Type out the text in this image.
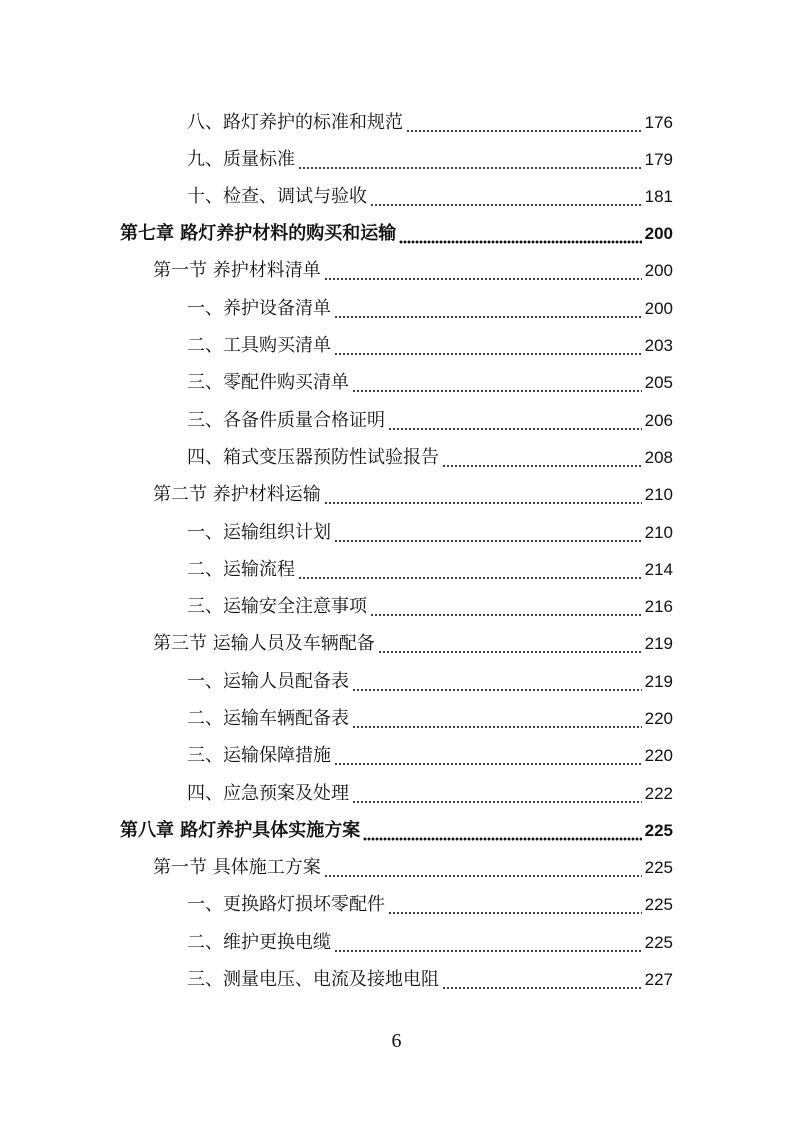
八、路灯养护的标准和规范	176
九、质量标准	179
十、检查、调试与验收	181
第七章 路灯养护材料的购买和运输	200
第一节 养护材料清单	200
一、养护设备清单	200
二、工具购买清单	203
三、零配件购买清单	205
三、各备件质量合格证明	206
四、箱式变压器预防性试验报告	208
第二节 养护材料运输	210
一、运输组织计划	210
二、运输流程	214
三、运输安全注意事项	216
第三节 运输人员及车辆配备	219
一、运输人员配备表	219
二、运输车辆配备表	220
三、运输保障措施	220
四、应急预案及处理	222
第八章 路灯养护具体实施方案	225
第一节 具体施工方案	225
一、更换路灯损坏零配件	225
二、维护更换电缆	225
三、测量电压、电流及接地电阻	227
6
